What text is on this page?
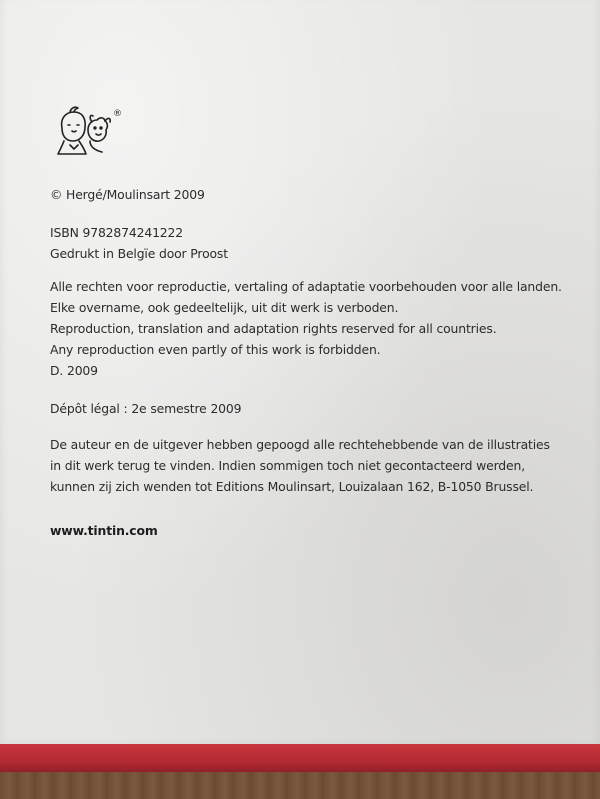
®
© Hergé/Moulinsart 2009
ISBN 9782874241222
Gedrukt in Belgïe door Proost
Alle rechten voor reproductie, vertaling of adaptatie voorbehouden voor alle landen.
Elke overname, ook gedeeltelijk, uit dit werk is verboden.
Reproduction, translation and adaptation rights reserved for all countries.
Any reproduction even partly of this work is forbidden.
D. 2009
Dépôt légal : 2e semestre 2009
De auteur en de uitgever hebben gepoogd alle rechtehebbende van de illustraties
in dit werk terug te vinden. Indien sommigen toch niet gecontacteerd werden,
kunnen zij zich wenden tot Editions Moulinsart, Louizalaan 162, B-1050 Brussel.
www.tintin.com
